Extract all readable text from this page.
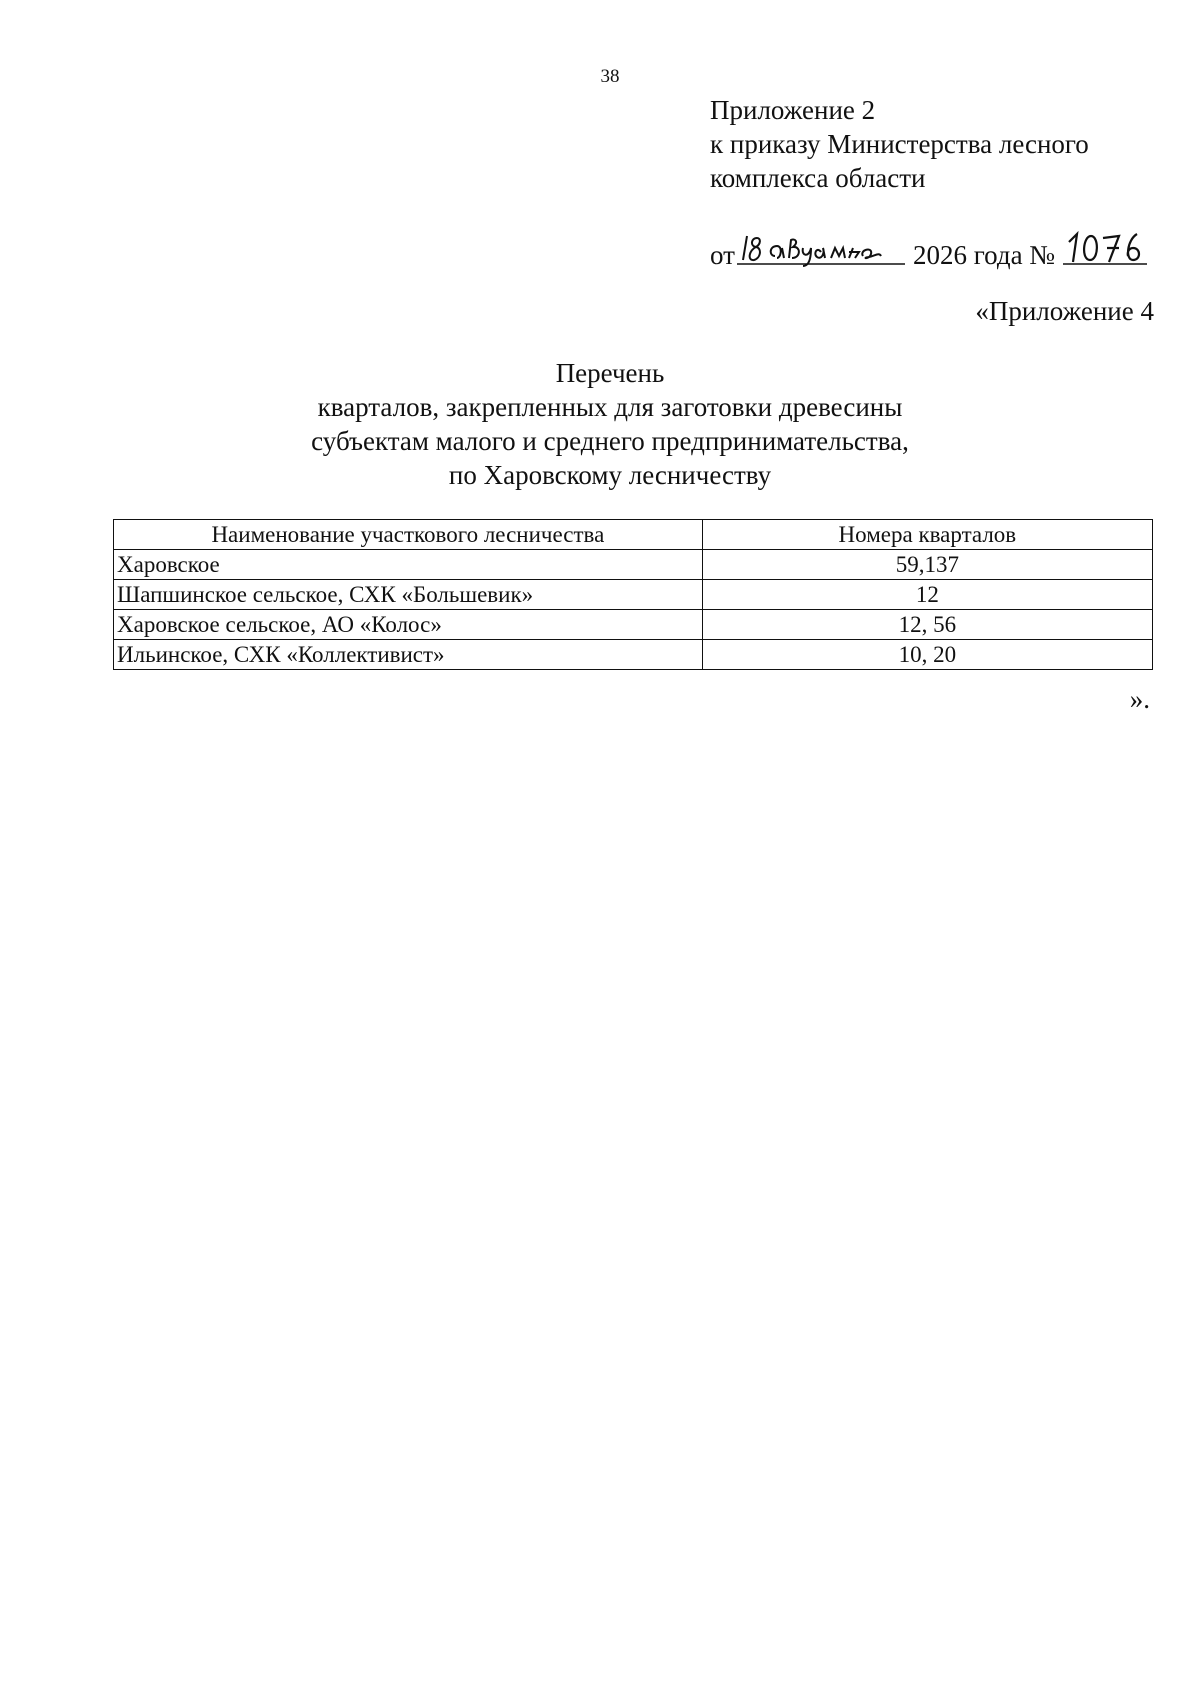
38
Приложение 2
к приказу Министерства лесного
комплекса области
от	2026 года №
«Приложение 4
Перечень
кварталов, закрепленных для заготовки древесины
субъектам малого и среднего предпринимательства,
по Харовскому лесничеству
Наименование участкового лесничества	Номера кварталов
Харовское	59,137
Шапшинское сельское, СХК «Большевик»	12
Харовское сельское, АО «Колос»	12, 56
Ильинское, СХК «Коллективист»	10, 20
».
